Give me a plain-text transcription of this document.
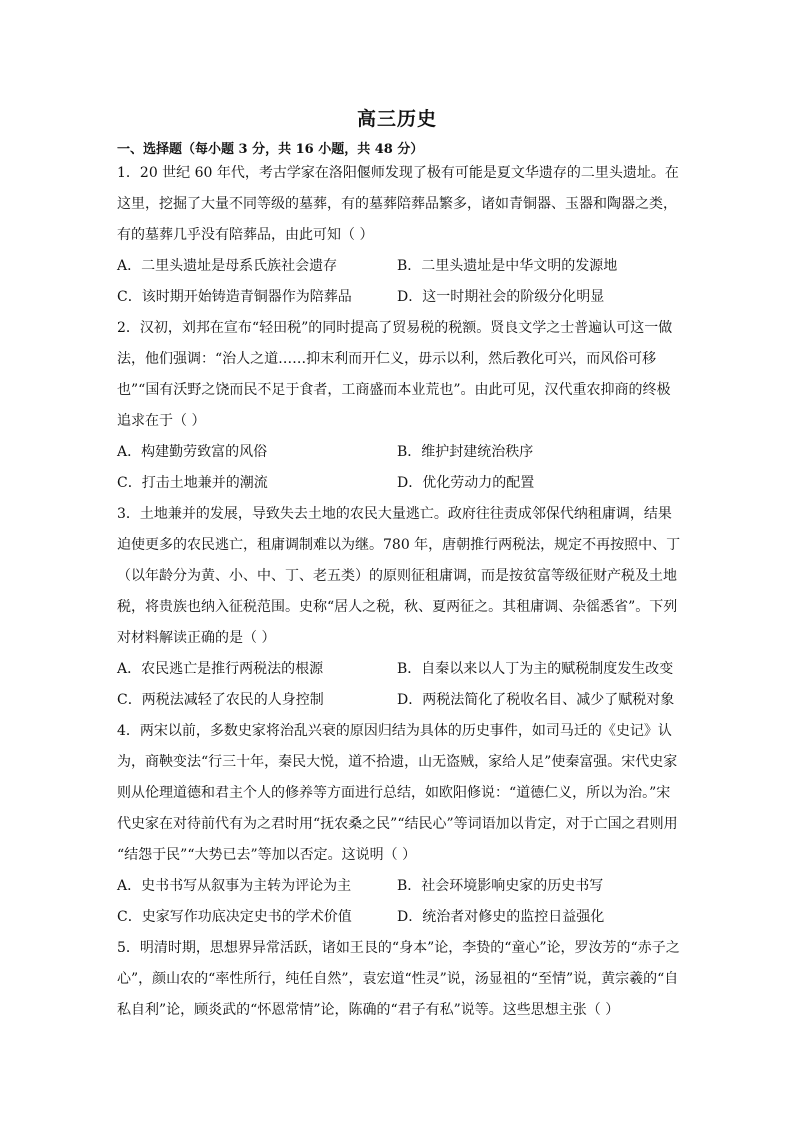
高三历史
一、选择题（每小题 3 分，共 16 小题，共 48 分）

1．20 世纪 60 年代，考古学家在洛阳偃师发现了极有可能是夏文华遗存的二里头遗址。在

这里，挖掘了大量不同等级的墓葬，有的墓葬陪葬品繁多，诸如青铜器、玉器和陶器之类，

有的墓葬几乎没有陪葬品，由此可知（ ）

A．二里头遗址是母系氏族社会遗存	B．二里头遗址是中华文明的发源地
C．该时期开始铸造青铜器作为陪葬品	D．这一时期社会的阶级分化明显

2．汉初，刘邦在宣布“轻田税”的同时提高了贸易税的税额。贤良文学之士普遍认可这一做

法，他们强调：“治人之道……抑末利而开仁义，毋示以利，然后教化可兴，而风俗可移

也”“国有沃野之饶而民不足于食者，工商盛而本业荒也”。由此可见，汉代重农抑商的终极

追求在于（ ）

A．构建勤劳致富的风俗	B．维护封建统治秩序
C．打击土地兼并的潮流	D．优化劳动力的配置

3．土地兼并的发展，导致失去土地的农民大量逃亡。政府往往责成邻保代纳租庸调，结果

迫使更多的农民逃亡，租庸调制难以为继。780 年，唐朝推行两税法，规定不再按照中、丁

（以年龄分为黄、小、中、丁、老五类）的原则征租庸调，而是按贫富等级征财产税及土地

税，将贵族也纳入征税范围。史称“居人之税，秋、夏两征之。其租庸调、杂徭悉省”。下列

对材料解读正确的是（ ）

A．农民逃亡是推行两税法的根源	B．自秦以来以人丁为主的赋税制度发生改变
C．两税法减轻了农民的人身控制	D．两税法简化了税收名目、减少了赋税对象

4．两宋以前，多数史家将治乱兴衰的原因归结为具体的历史事件，如司马迁的《史记》认

为，商鞅变法“行三十年，秦民大悦，道不拾遗，山无盗贼，家给人足”使秦富强。宋代史家

则从伦理道德和君主个人的修养等方面进行总结，如欧阳修说：“道德仁义，所以为治。”宋

代史家在对待前代有为之君时用“抚农桑之民”“结民心”等词语加以肯定，对于亡国之君则用

“结怨于民”“大势已去”等加以否定。这说明（ ）

A．史书书写从叙事为主转为评论为主	B．社会环境影响史家的历史书写
C．史家写作功底决定史书的学术价值	D．统治者对修史的监控日益强化

5．明清时期，思想界异常活跃，诸如王艮的“身本”论，李贽的“童心”论，罗汝芳的“赤子之

心”，颜山农的“率性所行，纯任自然”，袁宏道“性灵”说，汤显祖的“至情”说，黄宗羲的“自

私自利”论，顾炎武的“怀恩常情”论，陈确的“君子有私”说等。这些思想主张（ ）
